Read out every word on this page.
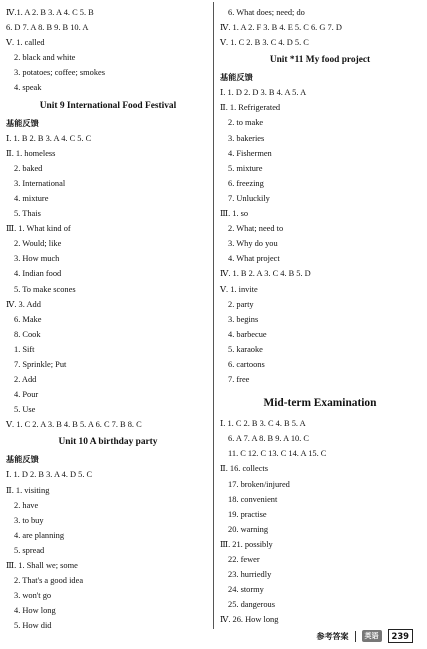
Ⅳ.1. A 2. B 3. A 4. C 5. B
6. D 7. A 8. B 9. B 10. A
Ⅴ. 1. called
2. black and white
3. potatoes; coffee; smokes
4. speak
Unit 9 International Food Festival
基能反馈
Ⅰ. 1. B 2. B 3. A 4. C 5. C
Ⅱ. 1. homeless
2. baked
3. International
4. mixture
5. Thais
Ⅲ. 1. What kind of
2. Would; like
3. How much
4. Indian food
5. To make scones
Ⅳ. 3. Add
6. Make
8. Cook
1. Sift
7. Sprinkle; Put
2. Add
4. Pour
5. Use
Ⅴ. 1. C 2. A 3. B 4. B 5. A 6. C 7. B 8. C
Unit 10 A birthday party
基能反馈
Ⅰ. 1. D 2. B 3. A 4. D 5. C
Ⅱ. 1. visiting
2. have
3. to buy
4. are planning
5. spread
Ⅲ. 1. Shall we; some
2. That's a good idea
3. won't go
4. How long
5. How did
6. What does; need; do
Ⅳ. 1. A 2. F 3. B 4. E 5. C 6. G 7. D
Ⅴ. 1. C 2. B 3. C 4. D 5. C
Unit *11 My food project
基能反馈
Ⅰ. 1. D 2. D 3. B 4. A 5. A
Ⅱ. 1. Refrigerated
2. to make
3. bakeries
4. Fishermen
5. mixture
6. freezing
7. Unluckily
Ⅲ. 1. so
2. What; need to
3. Why do you
4. What project
Ⅳ. 1. B 2. A 3. C 4. B 5. D
Ⅴ. 1. invite
2. party
3. begins
4. barbecue
5. karaoke
6. cartoons
7. free
Mid-term Examination
Ⅰ. 1. C 2. B 3. C 4. B 5. A
6. A 7. A 8. B 9. A 10. C
11. C 12. C 13. C 14. A 15. C
Ⅱ. 16. collects
17. broken/injured
18. convenient
19. practise
20. warning
Ⅲ. 21. possibly
22. fewer
23. hurriedly
24. stormy
25. dangerous
Ⅳ. 26. How long
参考答案	英语	239
